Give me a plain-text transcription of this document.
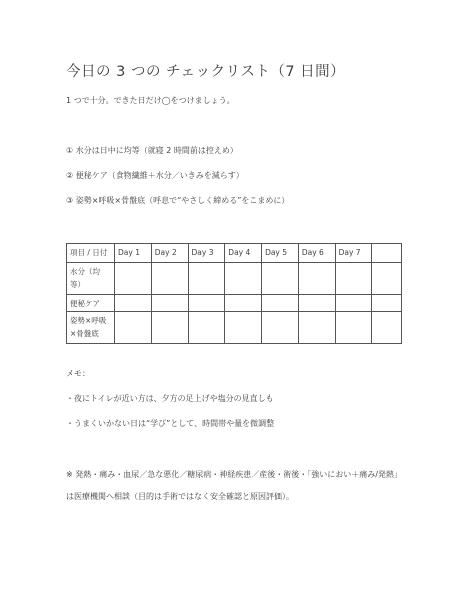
今日の 3 つの チェックリスト（7 日間）
1 つで十分。できた日だけ◯をつけましょう。
① 水分は日中に均等（就寝 2 時間前は控えめ）
② 便秘ケア（食物繊維＋水分／いきみを減らす）
③ 姿勢×呼吸×骨盤底（呼息で“やさしく締める”をこまめに）
項目 / 日付	Day 1	Day 2	Day 3	Day 4	Day 5	Day 6	Day 7	
水分（均等）								
便秘ケア								
姿勢×呼吸×骨盤底								
メモ：
・夜にトイレが近い方は、夕方の足上げや塩分の見直しも
・うまくいかない日は“学び”として、時間帯や量を微調整
※ 発熱・痛み・血尿／急な悪化／糖尿病・神経疾患／産後・術後・「強いにおい＋痛み/発熱」は医療機関へ相談（目的は手術ではなく安全確認と原因評価）。
